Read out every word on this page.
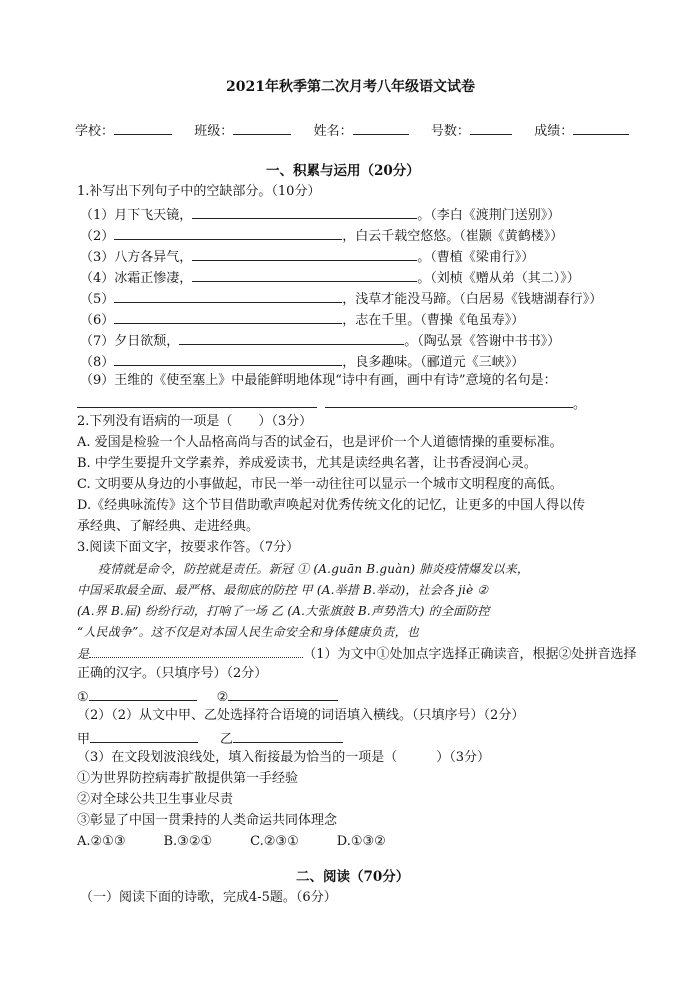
2021年秋季第二次月考八年级语文试卷
学校：	班级：	姓名：	号数：	成绩：
一、积累与运用（20分）
1.补写出下列句子中的空缺部分。（10分）
（1）月下飞天镜，	。（李白《渡荆门送别》）
（2）	，白云千载空悠悠。（崔颢《黄鹤楼》）
（3）八方各异气，	。（曹植《梁甫行》）
（4）冰霜正惨凄，	。（刘桢《赠从弟（其二）》）
（5）	，浅草才能没马蹄。（白居易《钱塘湖春行》）
（6）	，志在千里。（曹操《龟虽寿》）
（7）夕日欲颓，	。（陶弘景《答谢中书书》）
（8）	，良多趣味。（郦道元《三峡》）
（9）王维的《使至塞上》中最能鲜明地体现“诗中有画，画中有诗”意境的名句是：
。
2.下列没有语病的一项是（　　）（3分）
A. 爱国是检验一个人品格高尚与否的试金石，也是评价一个人道德情操的重要标准。
B. 中学生要提升文学素养，养成爱读书，尤其是读经典名著，让书香浸润心灵。
C. 文明要从身边的小事做起，市民一举一动往往可以显示一个城市文明程度的高低。
D.《经典咏流传》这个节目借助歌声唤起对优秀传统文化的记忆，让更多的中国人得以传
承经典、了解经典、走进经典。
3.阅读下面文字，按要求作答。（7分）
疫情就是命令，防控就是责任。新冠 ① (A.guān B.guàn) 肺炎疫情爆发以来，
中国采取最全面、最严格、最彻底的防控 甲 (A.举措 B.举动)，社会各 jiè ②
(A.界 B.届) 纷纷行动，打响了一场 乙 (A.大张旗鼓 B.声势浩大) 的全面防控
“人民战争”。这不仅是对本国人民生命安全和身体健康负责，也
是	（1）为文中①处加点字选择正确读音，根据②处拼音选择
正确的汉字。（只填序号）（2分）
①	②
（2）（2）从文中甲、乙处选择符合语境的词语填入横线。（只填序号）（2分）
甲	乙
（3）在文段划波浪线处，填入衔接最为恰当的一项是（　　　）（3分）
①为世界防控病毒扩散提供第一手经验
②对全球公共卫生事业尽责
③彰显了中国一贯秉持的人类命运共同体理念
A.②①③	B.③②①	C.②③①	D.①③②
二、阅读（70分）
（一）阅读下面的诗歌，完成4-5题。（6分）
